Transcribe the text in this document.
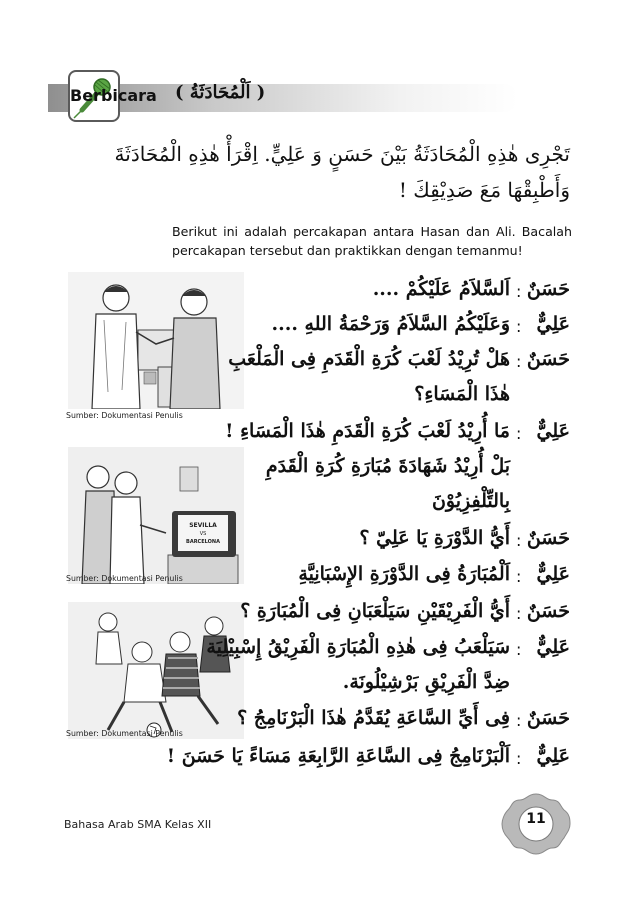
Berbicara ( اَلْمُحَادَثَةُ )
تَجْرِى هٰذِهِ الْمُحَادَثَةُ بَيْنَ حَسَنٍ وَ عَلِيٍّ. اِقْرَأْ هٰذِهِ الْمُحَادَثَةَ
وَأَطْبِقْهَا مَعَ صَدِيْقِكَ !
Berikut ini adalah percakapan antara Hasan dan Ali. Bacalah percakapan tersebut dan praktikkan dengan temanmu!
Sumber: Dokumentasi Penulis
SEVILLA
VS
BARCELONA
Sumber: Dokumentasi Penulis
Sumber: Dokumentasi Penulis
حَسَنٌ
:
اَلسَّلاَمُ عَلَيْكُمْ ....
عَلِيٌّ
:
وَعَلَيْكُمُ السَّلاَمُ وَرَحْمَةُ اللهِ ....
حَسَنٌ
:
هَلْ تُرِيْدُ لَعْبَ كُرَةِ الْقَدَمِ فِى الْمَلْعَبِ
هٰذَا الْمَسَاءِ؟
عَلِيٌّ
:
مَا أُرِيْدُ لَعْبَ كُرَةِ الْقَدَمِ هٰذَا الْمَسَاءِ !
بَلْ أُرِيْدُ شَهَادَةَ مُبَارَةِ كُرَةِ الْقَدَمِ
بِالتِّلْفِزِيُوْنَ
حَسَنٌ
:
أَيُّ الدَّوْرَةِ يَا عَلِيّ ؟
عَلِيٌّ
:
اَلْمُبَارَةُ فِى الدَّوْرَةِ الإِسْبَانِيَّةِ
حَسَنٌ
:
أَيُّ الْفَرِيْقَيْنِ سَيَلْعَبَانِ فِى الْمُبَارَةِ ؟
عَلِيٌّ
:
سَيَلْعَبُ فِى هٰذِهِ الْمُبَارَةِ الْفَرِيْقُ إِسْبِيْلِيَة
ضِدَّ الْفَرِيْقِ بَرْشِيْلُونَة.
حَسَنٌ
:
فِى أَيِّ السَّاعَةِ يُقَدَّمُ هٰذَا الْبَرْنَامِجُ ؟
عَلِيٌّ
:
اَلْبَرْنَامِجُ فِى السَّاعَةِ الرَّابِعَةِ مَسَاءً يَا حَسَنَ !
Bahasa Arab SMA Kelas XII	11
